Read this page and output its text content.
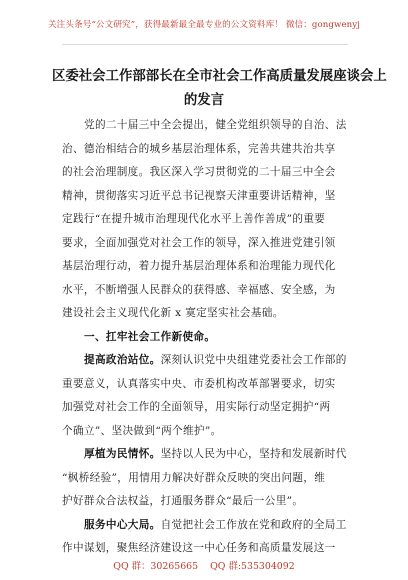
关注头条号“公文研究”，获得最新最全最专业的公文资料库！ 微信：gongwenyj
区委社会工作部部长在全市社会工作高质量发展座谈会上
的发言
党的二十届三中全会提出，健全党组织领导的自治、法
治、德治相结合的城乡基层治理体系，完善共建共治共享
的社会治理制度。我区深入学习贯彻党的二十届三中全会
精神，贯彻落实习近平总书记视察天津重要讲话精神，坚
定践行“在提升城市治理现代化水平上善作善成”的重要
要求，全面加强党对社会工作的领导，深入推进党建引领
基层治理行动，着力提升基层治理体系和治理能力现代化
水平，不断增强人民群众的获得感、幸福感、安全感，为
建设社会主义现代化新 x 寞定坚实社会基础。
一、扛牢社会工作新使命。
提高政治站位。深刻认识党中央组建党委社会工作部的
重要意义，认真落实中央、市委机构改革部署要求，切实
加强党对社会工作的全面领导，用实际行动坚定拥护“两
个确立”、坚决做到“两个维护”。
厚植为民情怀。坚持以人民为中心，坚持和发展新时代
“枫桥经验”，用情用力解决好群众反映的突出问题，维
护好群众合法权益，打通服务群众“最后一公里”。
服务中心大局。自觉把社会工作放在党和政府的全局工
作中谋划，聚焦经济建设这一中心任务和高质量发展这一
QQ 群：30265665 QQ 群:535304092
